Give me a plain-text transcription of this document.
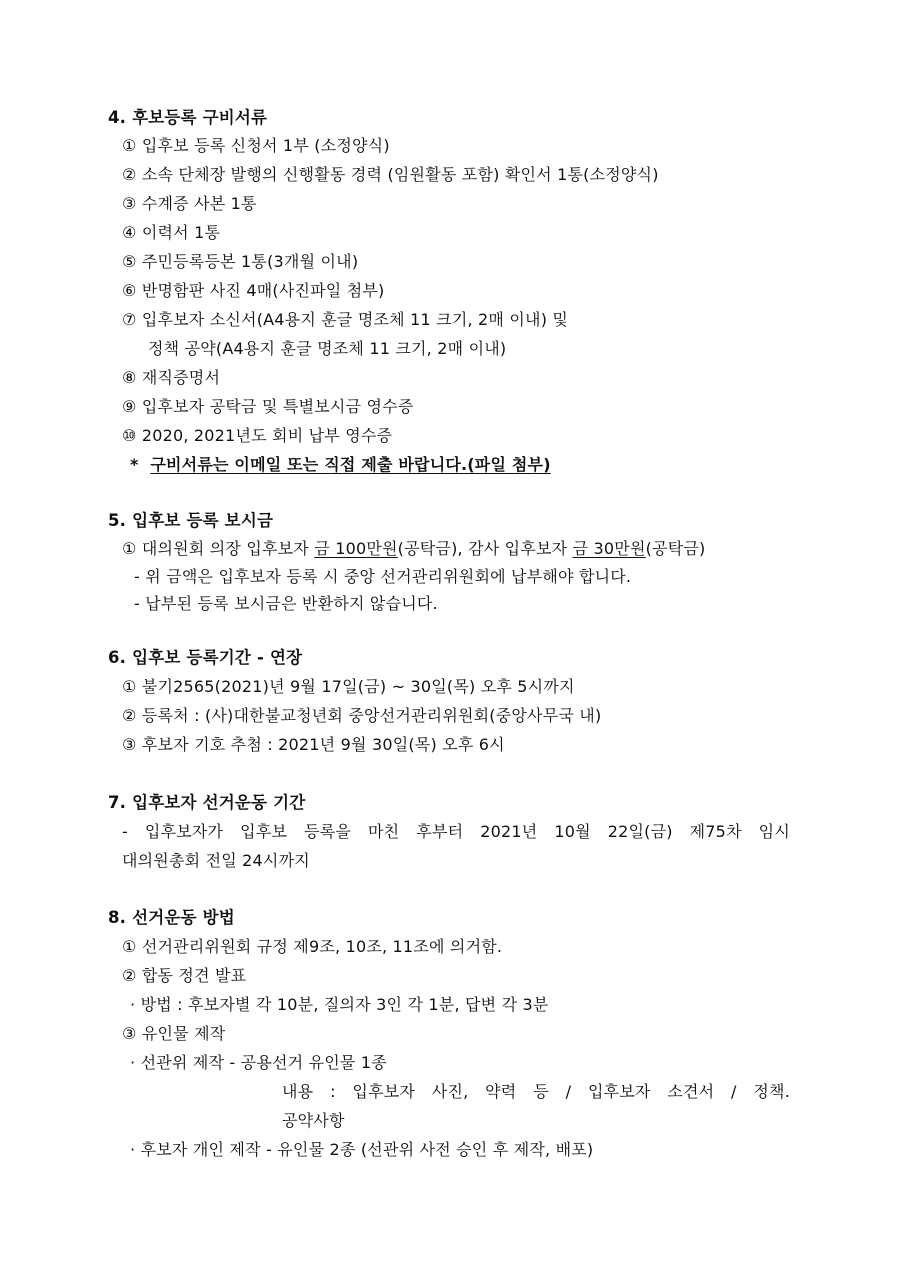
4. 후보등록 구비서류
① 입후보 등록 신청서 1부 (소정양식)
② 소속 단체장 발행의 신행활동 경력 (임원활동 포함) 확인서 1통(소정양식)
③ 수계증 사본 1통
④ 이력서 1통
⑤ 주민등록등본 1통(3개월 이내)
⑥ 반명함판 사진 4매(사진파일 첨부)
⑦ 입후보자 소신서(A4용지 훈글 명조체 11 크기, 2매 이내) 및
정책 공약(A4용지 훈글 명조체 11 크기, 2매 이내)
⑧ 재직증명서
⑨ 입후보자 공탁금 및 특별보시금 영수증
⑩ 2020, 2021년도 회비 납부 영수증
* 구비서류는 이메일 또는 직접 제출 바랍니다.(파일 첨부)
5. 입후보 등록 보시금
① 대의원회 의장 입후보자 금 100만원(공탁금), 감사 입후보자 금 30만원(공탁금)
- 위 금액은 입후보자 등록 시 중앙 선거관리위원회에 납부해야 합니다.
- 납부된 등록 보시금은 반환하지 않습니다.
6. 입후보 등록기간 - 연장
① 불기2565(2021)년 9월 17일(금) ~ 30일(목) 오후 5시까지
② 등록처 : (사)대한불교청년회 중앙선거관리위원회(중앙사무국 내)
③ 후보자 기호 추첨 : 2021년 9월 30일(목) 오후 6시
7. 입후보자 선거운동 기간
- 입후보자가 입후보 등록을 마친 후부터 2021년 10월 22일(금) 제75차 임시
대의원총회 전일 24시까지
8. 선거운동 방법
① 선거관리위원회 규정 제9조, 10조, 11조에 의거함.
② 합동 정견 발표
· 방법 : 후보자별 각 10분, 질의자 3인 각 1분, 답변 각 3분
③ 유인물 제작
· 선관위 제작 - 공용선거 유인물 1종
내용 : 입후보자 사진, 약력 등 / 입후보자 소견서 / 정책.
공약사항
· 후보자 개인 제작 - 유인물 2종 (선관위 사전 승인 후 제작, 배포)
